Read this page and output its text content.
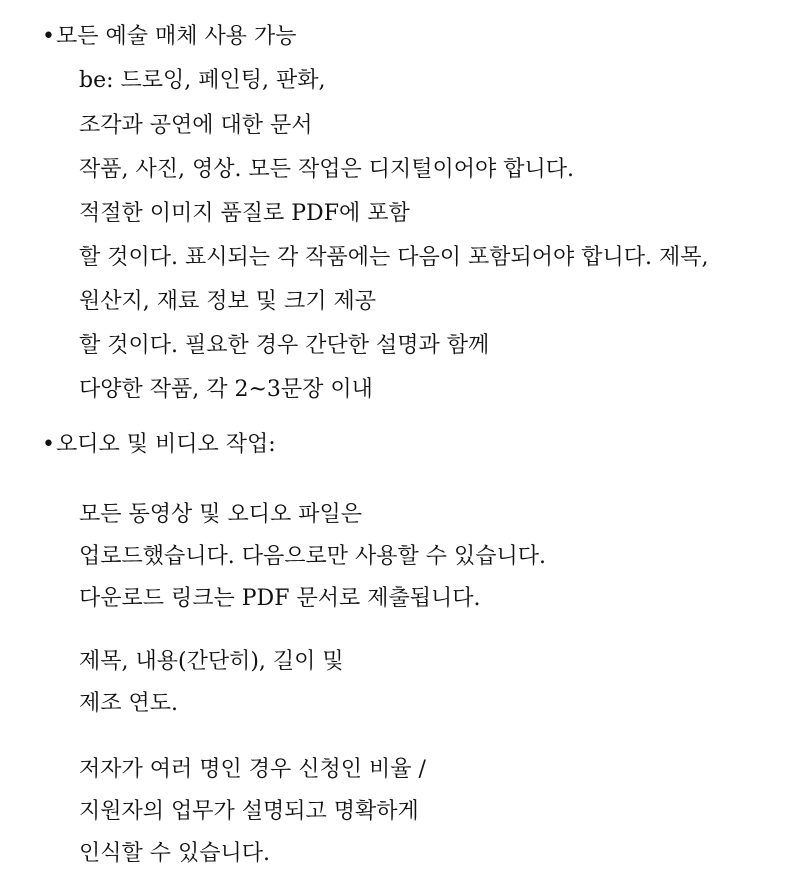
•모든 예술 매체 사용 가능
be: 드로잉, 페인팅, 판화,
조각과 공연에 대한 문서
작품, 사진, 영상. 모든 작업은 디지털이어야 합니다.
적절한 이미지 품질로 PDF에 포함
할 것이다. 표시되는 각 작품에는 다음이 포함되어야 합니다. 제목,
원산지, 재료 정보 및 크기 제공
할 것이다. 필요한 경우 간단한 설명과 함께
다양한 작품, 각 2~3문장 이내
•오디오 및 비디오 작업:
모든 동영상 및 오디오 파일은
업로드했습니다. 다음으로만 사용할 수 있습니다.
다운로드 링크는 PDF 문서로 제출됩니다.
제목, 내용(간단히), 길이 및
제조 연도.
저자가 여러 명인 경우 신청인 비율 /
지원자의 업무가 설명되고 명확하게
인식할 수 있습니다.
